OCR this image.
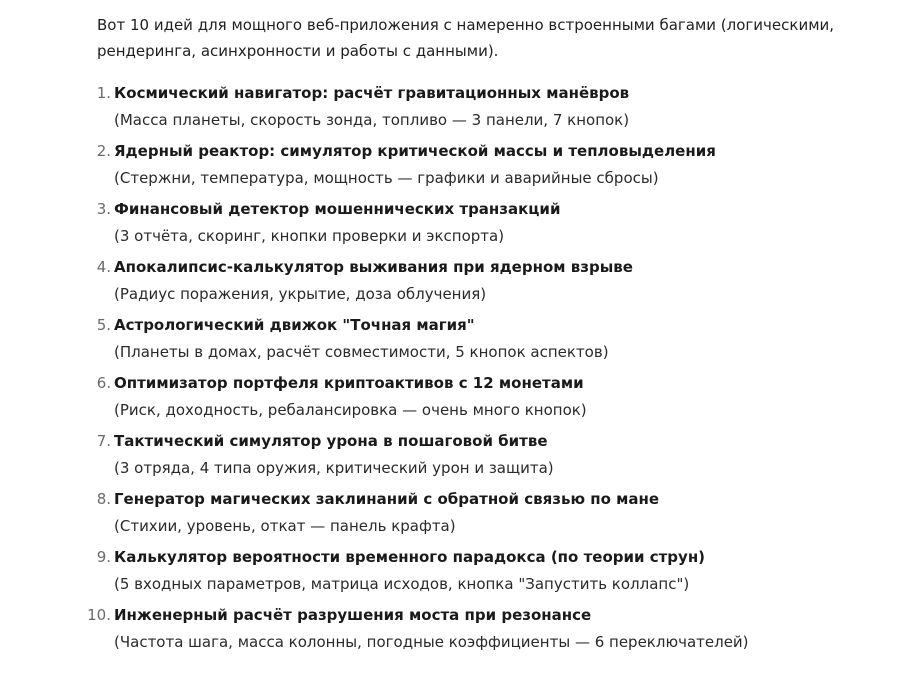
Вот 10 идей для мощного веб-приложения с намеренно встроенными багами (логическими, рендеринга, асинхронности и работы с данными).

1. Космический навигатор: расчёт гравитационных манёвров
(Масса планеты, скорость зонда, топливо — 3 панели, 7 кнопок)
2. Ядерный реактор: симулятор критической массы и тепловыделения
(Стержни, температура, мощность — графики и аварийные сбросы)
3. Финансовый детектор мошеннических транзакций
(3 отчёта, скоринг, кнопки проверки и экспорта)
4. Апокалипсис-калькулятор выживания при ядерном взрыве
(Радиус поражения, укрытие, доза облучения)
5. Астрологический движок "Точная магия"
(Планеты в домах, расчёт совместимости, 5 кнопок аспектов)
6. Оптимизатор портфеля криптоактивов с 12 монетами
(Риск, доходность, ребалансировка — очень много кнопок)
7. Тактический симулятор урона в пошаговой битве
(3 отряда, 4 типа оружия, критический урон и защита)
8. Генератор магических заклинаний с обратной связью по мане
(Стихии, уровень, откат — панель крафта)
9. Калькулятор вероятности временного парадокса (по теории струн)
(5 входных параметров, матрица исходов, кнопка "Запустить коллапс")
10. Инженерный расчёт разрушения моста при резонансе
(Частота шага, масса колонны, погодные коэффициенты — 6 переключателей)
